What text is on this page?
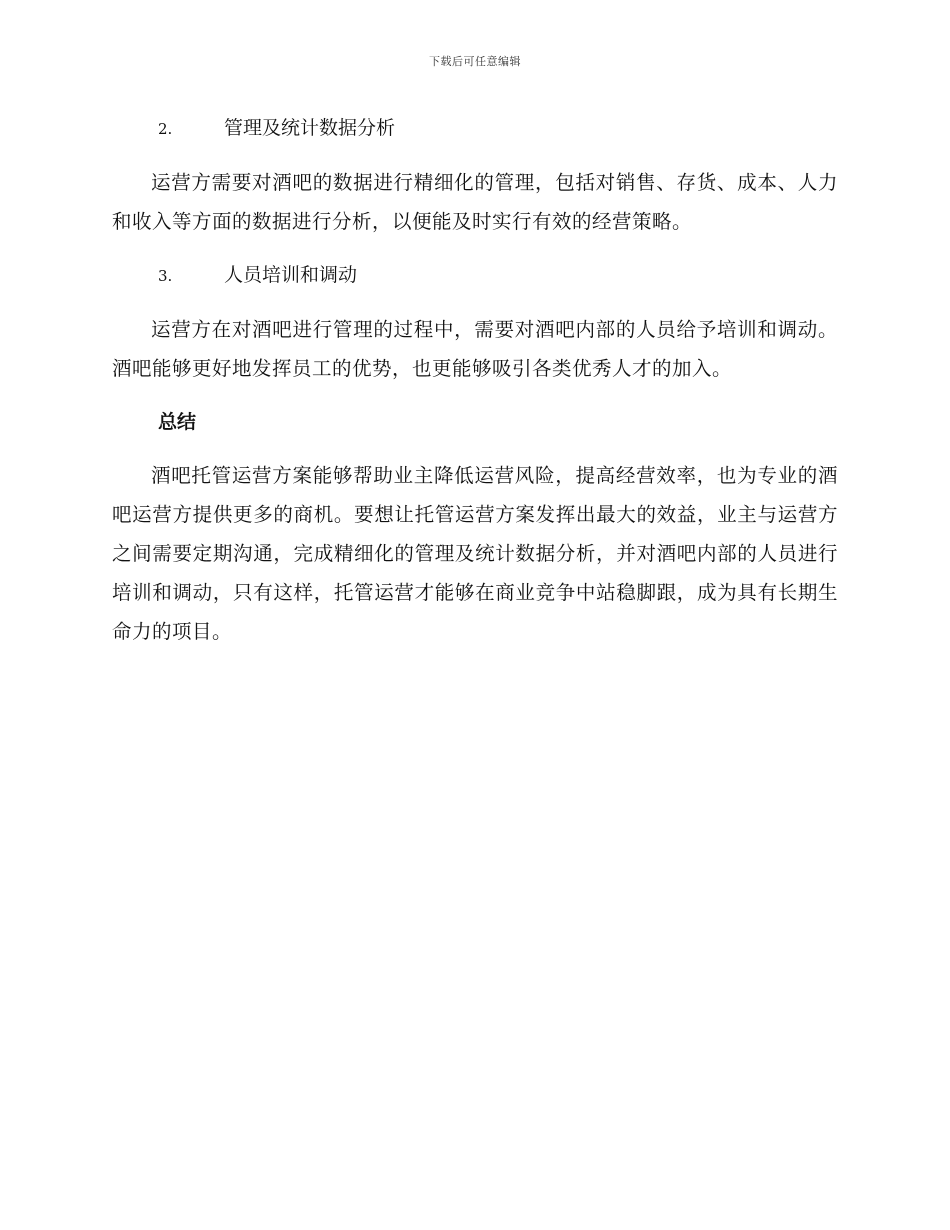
下载后可任意编辑
2.	管理及统计数据分析

运营方需要对酒吧的数据进行精细化的管理，包括对销售、存货、成本、人力和收入等方面的数据进行分析，以便能及时实行有效的经营策略。

3.	人员培训和调动

运营方在对酒吧进行管理的过程中，需要对酒吧内部的人员给予培训和调动。酒吧能够更好地发挥员工的优势，也更能够吸引各类优秀人才的加入。

总结

酒吧托管运营方案能够帮助业主降低运营风险，提高经营效率，也为专业的酒吧运营方提供更多的商机。要想让托管运营方案发挥出最大的效益，业主与运营方之间需要定期沟通，完成精细化的管理及统计数据分析，并对酒吧内部的人员进行培训和调动，只有这样，托管运营才能够在商业竞争中站稳脚跟，成为具有长期生命力的项目。
